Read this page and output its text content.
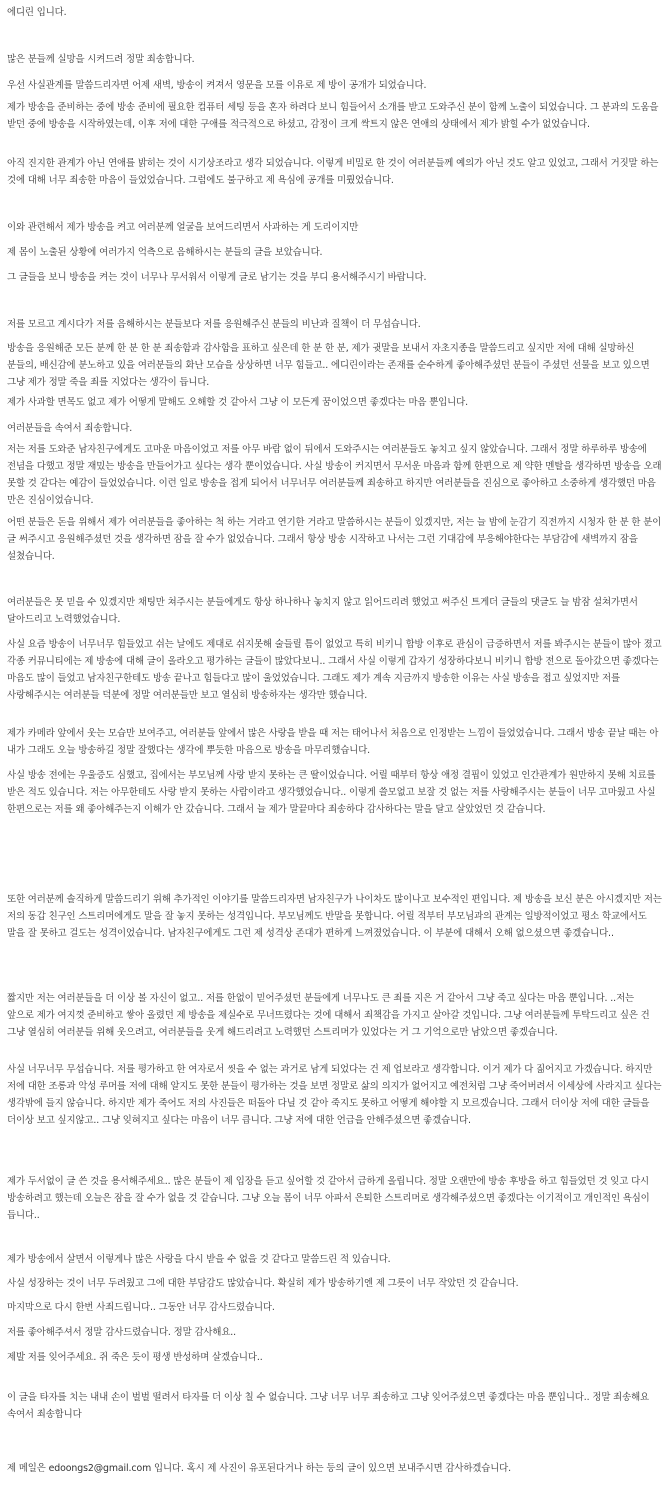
에디린 입니다.

많은 분들께 실망을 시켜드려 정말 죄송합니다.

우선 사실관계를 말씀드리자면 어제 새벽, 방송이 켜져서 영문을 모를 이유로 제 방이 공개가 되었습니다.

제가 방송을 준비하는 중에 방송 준비에 필요한 컴퓨터 세팅 등을 혼자 하려다 보니 힘들어서 소개를 받고 도와주신 분이 함께 노출이 되었습니다. 그 분과의 도움을 받던 중에 방송을 시작하였는데, 이후 저에 대한 구애를 적극적으로 하셨고, 감정이 크게 싹트지 않은 연애의 상태에서 제가 밝힐 수가 없었습니다.

아직 진지한 관계가 아닌 연애를 밝히는 것이 시기상조라고 생각 되었습니다. 이렇게 비밀로 한 것이 여러분들께 예의가 아닌 것도 알고 있었고, 그래서 거짓말 하는 것에 대해 너무 죄송한 마음이 들었었습니다. 그럼에도 불구하고 제 욕심에 공개를 미뤘었습니다.

이와 관련해서 제가 방송을 켜고 여러분께 얼굴을 보여드리면서 사과하는 게 도리이지만

제 몸이 노출된 상황에 여러가지 억측으로 음해하시는 분들의 글을 보았습니다.

그 글들을 보니 방송을 켜는 것이 너무나 무서워서 이렇게 글로 남기는 것을 부디 용서해주시기 바랍니다.

저를 모르고 계시다가 저를 음해하시는 분들보다 저를 응원해주신 분들의 비난과 질책이 더 무섭습니다.

방송을 응원해준 모든 분께 한 분 한 분 죄송함과 감사함을 표하고 싶은데 한 분 한 분, 제가 귓말을 보내서 자초지종을 말씀드리고 싶지만 저에 대해 실망하신 분들의, 배신감에 분노하고 있을 여러분들의 화난 모습을 상상하면 너무 힘들고.. 에디린이라는 존재를 순수하게 좋아해주셨던 분들이 주셨던 선물을 보고 있으면 그냥 제가 정말 죽을 죄를 지었다는 생각이 듭니다.

제가 사과할 면목도 없고 제가 어떻게 말해도 오해할 것 같아서 그냥 이 모든게 꿈이었으면 좋겠다는 마음 뿐입니다.

여러분들을 속여서 죄송합니다.

저는 저를 도와준 남자친구에게도 고마운 마음이었고 저를 아무 바람 없이 뒤에서 도와주시는 여러분들도 놓치고 싶지 않았습니다. 그래서 정말 하루하루 방송에 전념을 다했고 정말 재밌는 방송을 만들어가고 싶다는 생각 뿐이었습니다. 사실 방송이 커지면서 무서운 마음과 함께 한편으로 제 약한 멘탈을 생각하면 방송을 오래 못할 것 같다는 예감이 들었었습니다. 이런 일로 방송을 접게 되어서 너무너무 여러분들께 죄송하고 하지만 여러분들을 진심으로 좋아하고 소중하게 생각했던 마음 만은 진심이었습니다.

어떤 분들은 돈을 위해서 제가 여러분들을 좋아하는 척 하는 거라고 연기한 거라고 말씀하시는 분들이 있겠지만, 저는 늘 밤에 눈감기 직전까지 시청자 한 분 한 분이 글 써주시고 응원해주셨던 것을 생각하면 잠을 잘 수가 없었습니다. 그래서 항상 방송 시작하고 나서는 그런 기대감에 부응해야한다는 부담감에 새벽까지 잠을 설쳤습니다.

여러분들은 못 믿을 수 있겠지만 채팅만 쳐주시는 분들에게도 항상 하나하나 놓치지 않고 읽어드리려 했었고 써주신 트게더 글들의 댓글도 늘 밤잠 설쳐가면서 달아드리고 노력했었습니다.

사실 요즘 방송이 너무너무 힘들었고 쉬는 날에도 제대로 쉬지못해 술들릴 틈이 없었고 특히 비키니 합방 이후로 관심이 급증하면서 저를 봐주시는 분들이 많아 졌고 각종 커뮤니티에는 제 방송에 대해 글이 올라오고 평가하는 글들이 많았다보니.. 그래서 사실 이렇게 갑자기 성장하다보니 비키니 합방 전으로 돌아갔으면 좋겠다는 마음도 많이 들었고 남자친구한테도 방송 끝나고 힘들다고 많이 울었었습니다. 그래도 제가 계속 지금까지 방송한 이유는 사실 방송을 접고 싶었지만 저를 사랑해주시는 여러분들 덕분에 정말 여러분들만 보고 열심히 방송하자는 생각만 했습니다.

제가 카메라 앞에서 웃는 모습만 보여주고, 여러분들 앞에서 많은 사랑을 받을 때 저는 태어나서 처음으로 인정받는 느낌이 들었었습니다. 그래서 방송 끝날 때는 아 내가 그래도 오늘 방송하길 정말 잘했다는 생각에 뿌듯한 마음으로 방송을 마무리했습니다.

사실 방송 전에는 우울증도 심했고, 집에서는 부모님께 사랑 받지 못하는 큰 딸이었습니다. 어릴 때부터 항상 애정 결핍이 있었고 인간관계가 원만하지 못해 치료를 받은 적도 있습니다. 저는 아무한테도 사랑 받지 못하는 사람이라고 생각했었습니다.. 이렇게 쓸모없고 보잘 것 없는 저를 사랑해주시는 분들이 너무 고마웠고 사실 한편으로는 저를 왜 좋아해주는지 이해가 안 갔습니다. 그래서 늘 제가 말끝마다 죄송하다 감사하다는 말을 달고 살았었던 것 같습니다.

또한 여러분께 솔직하게 말씀드리기 위해 추가적인 이야기를 말씀드리자면 남자친구가 나이차도 많이나고 보수적인 편입니다. 제 방송을 보신 분은 아시겠지만 저는 저의 동갑 친구인 스트리머에게도 말을 잘 놓지 못하는 성격입니다. 부모님께도 반말을 못합니다. 어릴 적부터 부모님과의 관계는 일방적이었고 평소 학교에서도 말을 잘 못하고 걸도는 성격이었습니다. 남자친구에게도 그런 제 성격상 존대가 편하게 느껴졌었습니다. 이 부분에 대해서 오해 없으셨으면 좋겠습니다..

짧지만 저는 여러분들을 더 이상 볼 자신이 없고.. 저를 한없이 믿어주셨던 분들에게 너무나도 큰 죄를 지은 거 같아서 그냥 죽고 싶다는 마음 뿐입니다. ..저는 앞으로 제가 여지껏 준비하고 쌓아 올렸던 제 방송을 제실수로 무너뜨렸다는 것에 대해서 죄책감을 가지고 살아갈 것입니다. 그냥 여러분들께 투탁드리고 싶은 건 그냥 열심히 여러분들 위해 웃으려고, 여러분들을 웃게 해드리려고 노력했던 스트리머가 있었다는 거 그 기억으로만 남았으면 좋겠습니다.

사실 너무너무 무섭습니다. 저를 평가하고 한 여자로서 씻을 수 없는 과거로 남게 되었다는 건 제 업보라고 생각합니다. 이거 제가 다 짊어지고 가겠습니다. 하지만 저에 대한 조롱과 악성 루머를 저에 대해 알지도 못한 분들이 평가하는 것을 보면 정말로 삶의 의지가 없어지고 예전처럼 그냥 죽어버려서 이세상에 사라지고 싶다는 생각밖에 들지 않습니다. 하지만 제가 죽어도 저의 사진들은 떠돌아 다닐 것 같아 죽지도 못하고 어떻게 해야할 지 모르겠습니다. 그래서 더이상 저에 대한 글들을 더이상 보고 싶지않고.. 그냥 잊혀지고 싶다는 마음이 너무 큽니다. 그냥 저에 대한 언급을 안해주셨으면 좋겠습니다.

제가 두서없이 글 쓴 것을 용서해주세요.. 많은 분들이 제 입장을 듣고 싶어할 것 같아서 급하게 올립니다. 정말 오랜만에 방송 후방을 하고 힘들었던 것 잊고 다시 방송하려고 했는데 오늘은 잠을 잘 수가 없을 것 같습니다. 그냥 오늘 몸이 너무 아파서 은퇴한 스트리머로 생각해주셨으면 좋겠다는 이기적이고 개인적인 욕심이 듭니다..

제가 방송에서 살면서 이렇게나 많은 사랑을 다시 받을 수 없을 것 같다고 말씀드린 적 있습니다.

사실 성장하는 것이 너무 두려웠고 그에 대한 부담감도 많았습니다. 확실히 제가 방송하기엔 제 그릇이 너무 작았던 것 같습니다.

마지막으로 다시 한번 사죄드립니다.. 그동안 너무 감사드렸습니다.

저를 좋아해주셔서 정말 감사드렸습니다. 정말 감사해요..

제발 저를 잊어주세요. 쥐 죽은 듯이 평생 반성하며 살겠습니다..

이 글을 타자를 치는 내내 손이 벌벌 떨려서 타자를 더 이상 칠 수 없습니다. 그냥 너무 너무 죄송하고 그냥 잊어주셨으면 좋겠다는 마음 뿐입니다.. 정말 죄송해요 속여서 죄송합니다

제 메일은 edoongs2@gmail.com 입니다. 혹시 제 사진이 유포된다거나 하는 등의 글이 있으면 보내주시면 감사하겠습니다.
